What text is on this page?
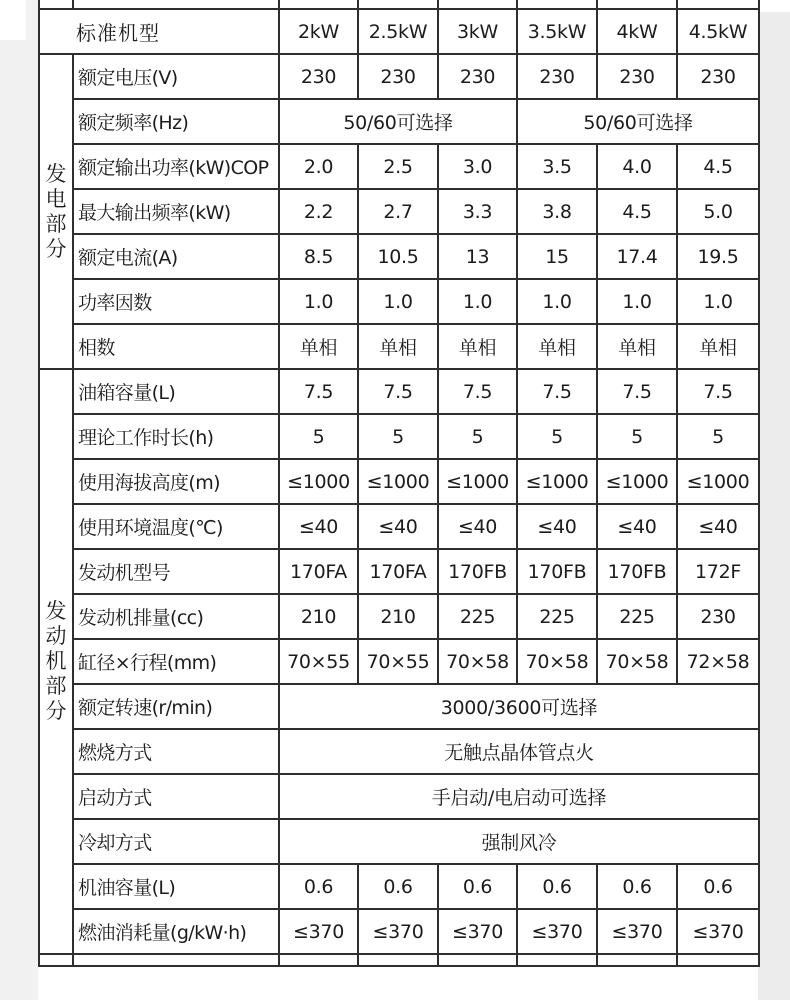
标准机型		2kW	2.5kW	3kW	3.5kW	4kW	4.5kW

发
电
部
分	额定电压(V)	230	230	230	230	230	230
	额定频率(Hz)	50/60可选择			50/60可选择		
	额定输出功率(kW)COP	2.0	2.5	3.0	3.5	4.0	4.5
	最大输出频率(kW)	2.2	2.7	3.3	3.8	4.5	5.0
	额定电流(A)	8.5	10.5	13	15	17.4	19.5
	功率因数	1.0	1.0	1.0	1.0	1.0	1.0
	相数	单相	单相	单相	单相	单相	单相

发
动
机
部
分	油箱容量(L)	7.5	7.5	7.5	7.5	7.5	7.5
	理论工作时长(h)	5	5	5	5	5	5
	使用海拔高度(m)	≤1000	≤1000	≤1000	≤1000	≤1000	≤1000
	使用环境温度(℃)	≤40	≤40	≤40	≤40	≤40	≤40
	发动机型号	170FA	170FA	170FB	170FB	170FB	172F
	发动机排量(cc)	210	210	225	225	225	230
	缸径×行程(mm)	70×55	70×55	70×58	70×58	70×58	72×58
	额定转速(r/min)	3000/3600可选择					
	燃烧方式	无触点晶体管点火					
	启动方式	手启动/电启动可选择					
	冷却方式	强制风冷					
	机油容量(L)	0.6	0.6	0.6	0.6	0.6	0.6
	燃油消耗量(g/kW·h)	≤370	≤370	≤370	≤370	≤370	≤370
